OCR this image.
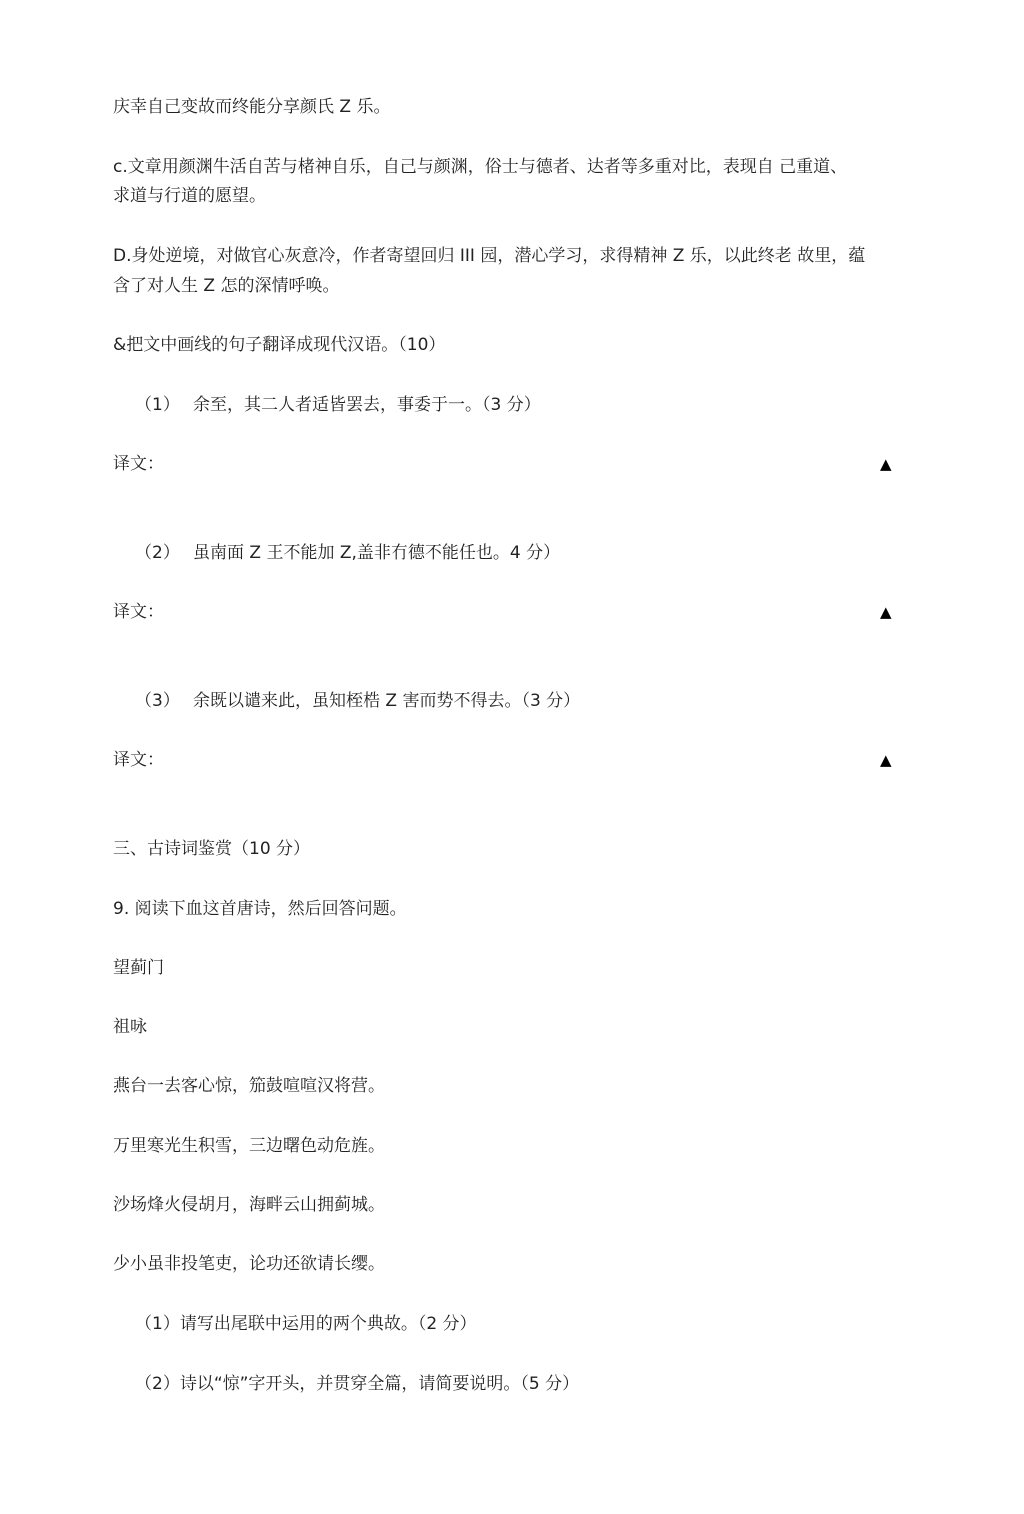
庆幸自己变故而终能分享颜氏 Z 乐。
c.文章用颜渊牛活自苦与楮神自乐，自己与颜渊，俗士与德者、达者等多重对比，表现自 己重道、
求道与行道的愿望。
D.身处逆境，对做官心灰意冷，作者寄望回归 III 园，潜心学习，求得精神 Z 乐，以此终老 故里，蕴
含了对人生 Z 怎的深情呼唤。
&把文中画线的句子翻译成现代汉语。（10）
（1） 余至，其二人者适皆罢去，事委于一。（3 分）
译文：	▲
（2） 虽南面 Z 王不能加 Z,盖非冇德不能任也。4 分）
译文：	▲
（3） 余既以谴来此，虽知桎梏 Z 害而势不得去。（3 分）
译文：	▲
三、古诗词鉴赏（10 分）
9. 阅读下血这首唐诗，然后回答问题。
望蓟门
祖咏
燕台一去客心惊，笳鼓喧喧汉将营。
万里寒光生积雪，三边曙色动危旌。
沙场烽火侵胡月，海畔云山拥蓟城。
少小虽非投笔吏，论功还欲请长缨。
（1）请写出尾联中运用的两个典故。（2 分）
（2）诗以“惊”字开头，并贯穿全篇，请简要说明。（5 分）
